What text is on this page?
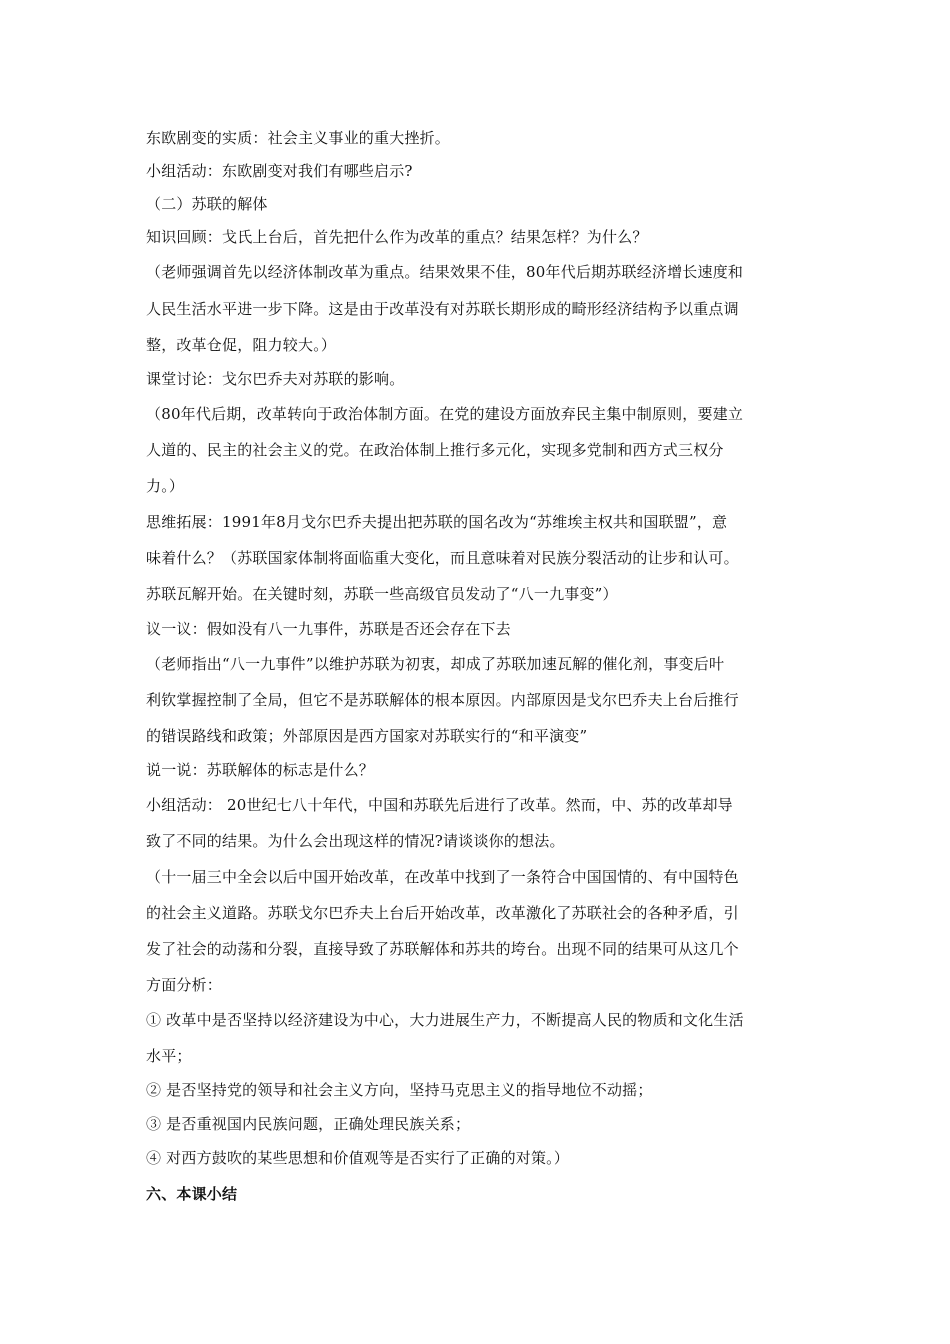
东欧剧变的实质：社会主义事业的重大挫折。
小组活动：东欧剧变对我们有哪些启示?
（二）苏联的解体
知识回顾：戈氏上台后，首先把什么作为改革的重点？结果怎样？为什么？
（老师强调首先以经济体制改革为重点。结果效果不佳，80年代后期苏联经济增长速度和
人民生活水平进一步下降。这是由于改革没有对苏联长期形成的畸形经济结构予以重点调
整，改革仓促，阻力较大。）
课堂讨论：戈尔巴乔夫对苏联的影响。
（80年代后期，改革转向于政治体制方面。在党的建设方面放弃民主集中制原则，要建立
人道的、民主的社会主义的党。在政治体制上推行多元化，实现多党制和西方式三权分
力。）
思维拓展：1991年8月戈尔巴乔夫提出把苏联的国名改为“苏维埃主权共和国联盟”，意
味着什么？（苏联国家体制将面临重大变化，而且意味着对民族分裂活动的让步和认可。
苏联瓦解开始。在关键时刻，苏联一些高级官员发动了“八一九事变”）
议一议：假如没有八一九事件，苏联是否还会存在下去
（老师指出“八一九事件”以维护苏联为初衷，却成了苏联加速瓦解的催化剂，事变后叶
利钦掌握控制了全局，但它不是苏联解体的根本原因。内部原因是戈尔巴乔夫上台后推行
的错误路线和政策；外部原因是西方国家对苏联实行的“和平演变”
说一说：苏联解体的标志是什么？
小组活动： 20世纪七八十年代，中国和苏联先后进行了改革。然而，中、苏的改革却导
致了不同的结果。为什么会出现这样的情况?请谈谈你的想法。
（十一届三中全会以后中国开始改革，在改革中找到了一条符合中国国情的、有中国特色
的社会主义道路。苏联戈尔巴乔夫上台后开始改革，改革激化了苏联社会的各种矛盾，引
发了社会的动荡和分裂，直接导致了苏联解体和苏共的垮台。出现不同的结果可从这几个
方面分析：
① 改革中是否坚持以经济建设为中心，大力进展生产力，不断提高人民的物质和文化生活
水平；
② 是否坚持党的领导和社会主义方向，坚持马克思主义的指导地位不动摇；
③ 是否重视国内民族问题，正确处理民族关系；
④ 对西方鼓吹的某些思想和价值观等是否实行了正确的对策。）
六、本课小结
